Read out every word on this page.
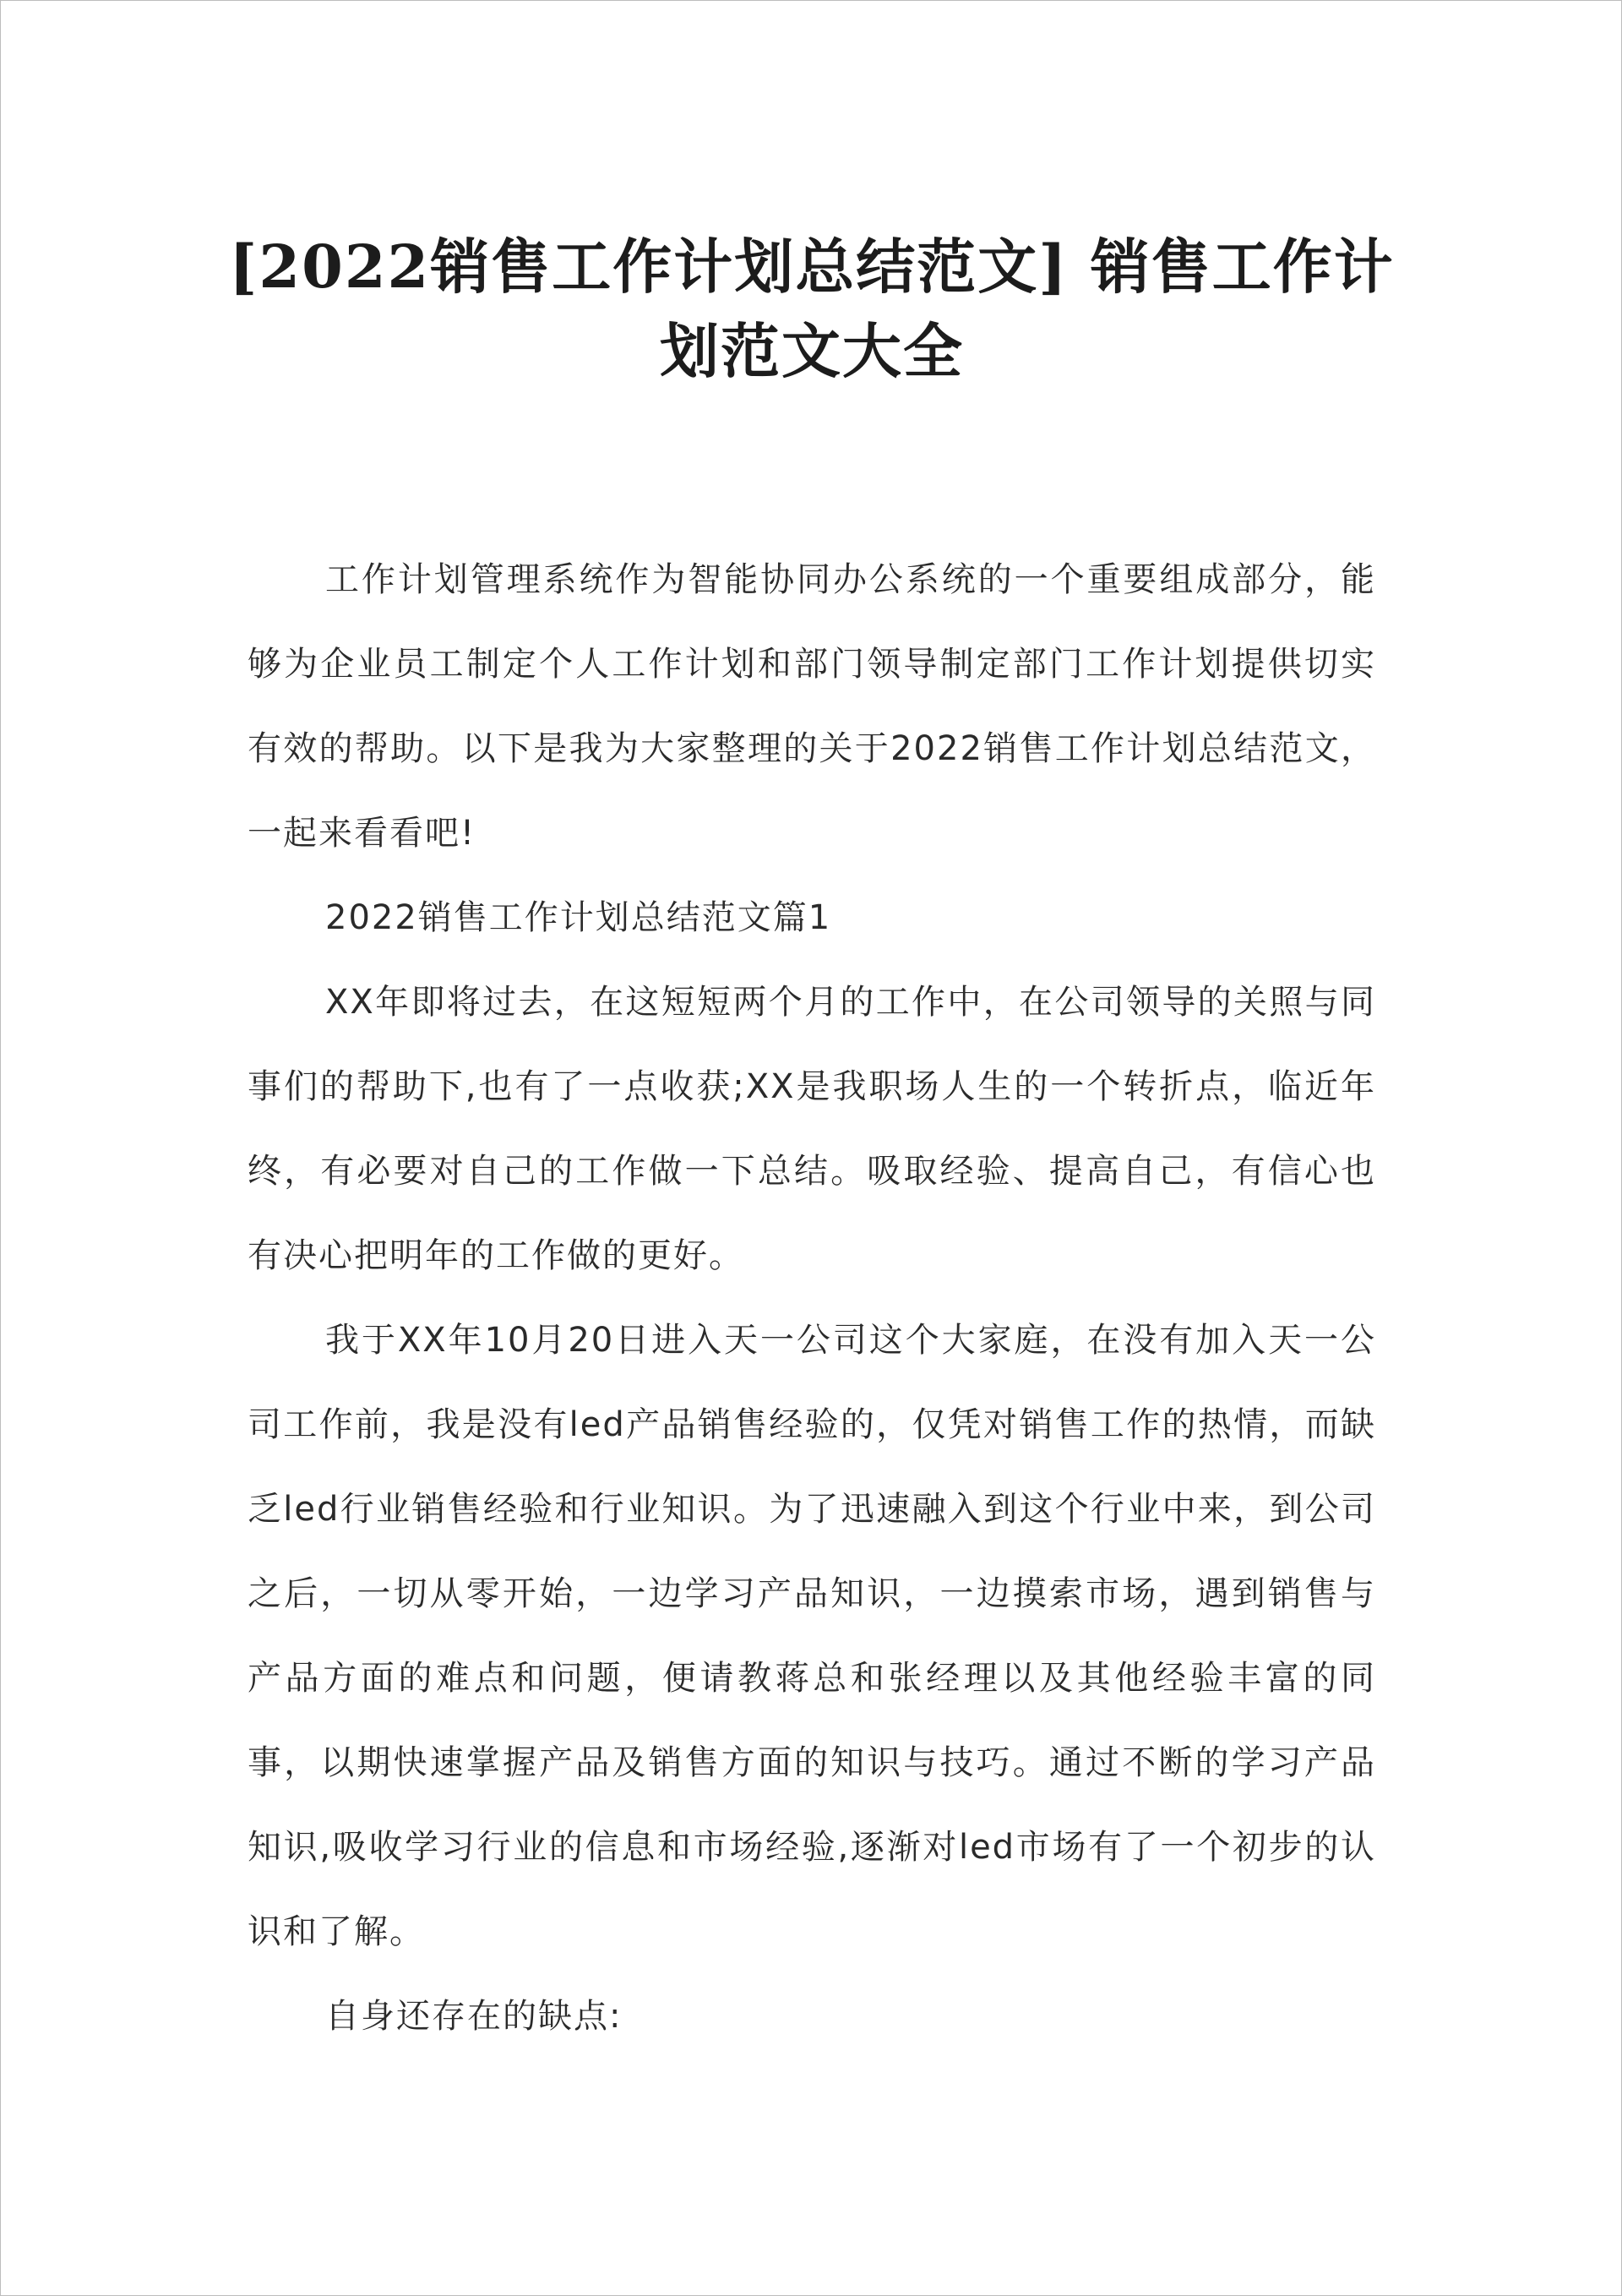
[2022销售工作计划总结范文] 销售工作计
划范文大全

工作计划管理系统作为智能协同办公系统的一个重要组成部分，能够为企业员工制定个人工作计划和部门领导制定部门工作计划提供切实有效的帮助。以下是我为大家整理的关于2022销售工作计划总结范文，一起来看看吧!

2022销售工作计划总结范文篇1

XX年即将过去，在这短短两个月的工作中，在公司领导的关照与同事们的帮助下,也有了一点收获;XX是我职场人生的一个转折点，临近年终，有必要对自己的工作做一下总结。吸取经验、提高自己，有信心也有决心把明年的工作做的更好。

我于XX年10月20日进入天一公司这个大家庭，在没有加入天一公司工作前，我是没有led产品销售经验的，仅凭对销售工作的热情，而缺乏led行业销售经验和行业知识。为了迅速融入到这个行业中来，到公司之后，一切从零开始，一边学习产品知识，一边摸索市场，遇到销售与产品方面的难点和问题，便请教蒋总和张经理以及其他经验丰富的同事，以期快速掌握产品及销售方面的知识与技巧。通过不断的学习产品知识,吸收学习行业的信息和市场经验,逐渐对led市场有了一个初步的认识和了解。

自身还存在的缺点:
